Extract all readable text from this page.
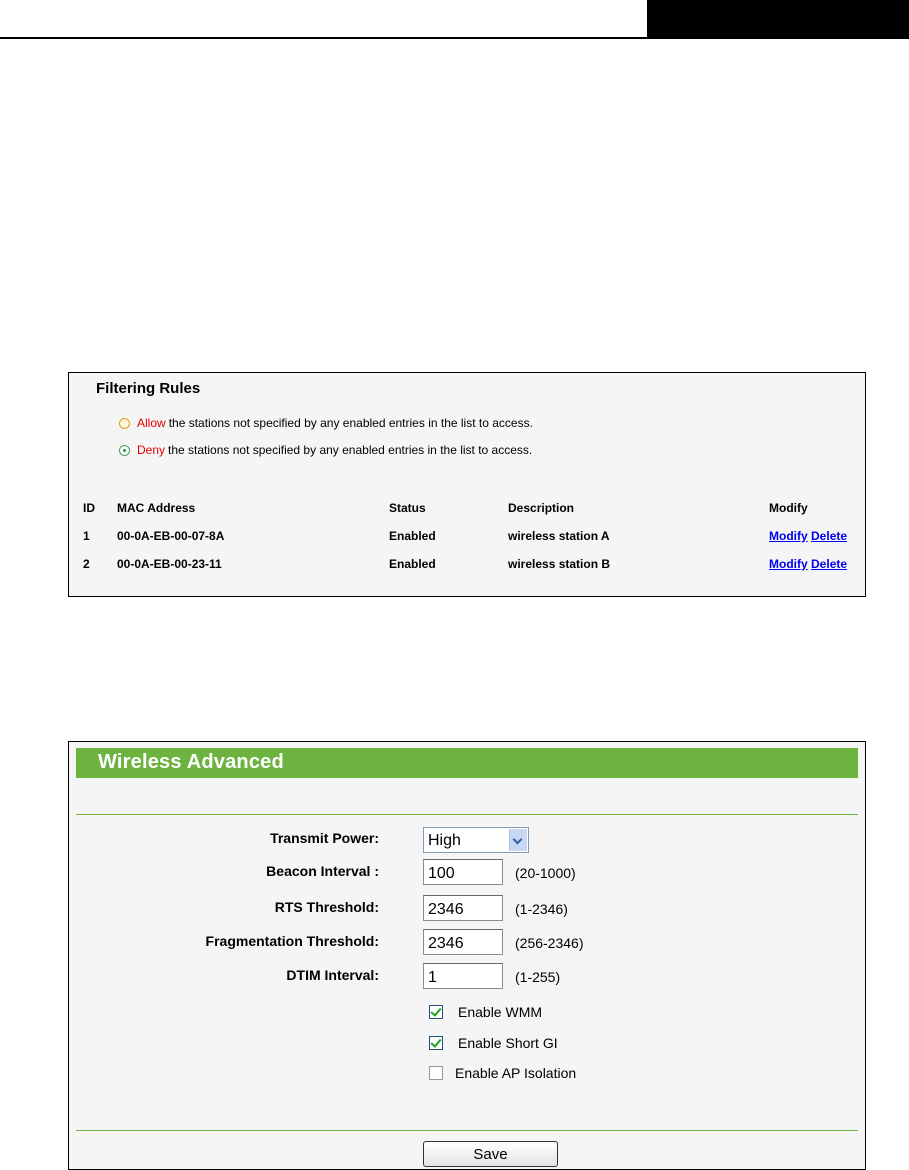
Filtering Rules
Allow the stations not specified by any enabled entries in the list to access.
Deny the stations not specified by any enabled entries in the list to access.
ID MAC Address	Status	Description	Modify
1 00-0A-EB-00-07-8A	Enabled	wireless station A	Modify Delete
2 00-0A-EB-00-23-11	Enabled	wireless station B	Modify Delete
Wireless Advanced
Transmit Power:	High
Beacon Interval :	100	(20-1000)
RTS Threshold:	2346	(1-2346)
Fragmentation Threshold:	2346	(256-2346)
DTIM Interval:	1	(1-255)
Enable WMM
Enable Short GI
Enable AP Isolation
Save
